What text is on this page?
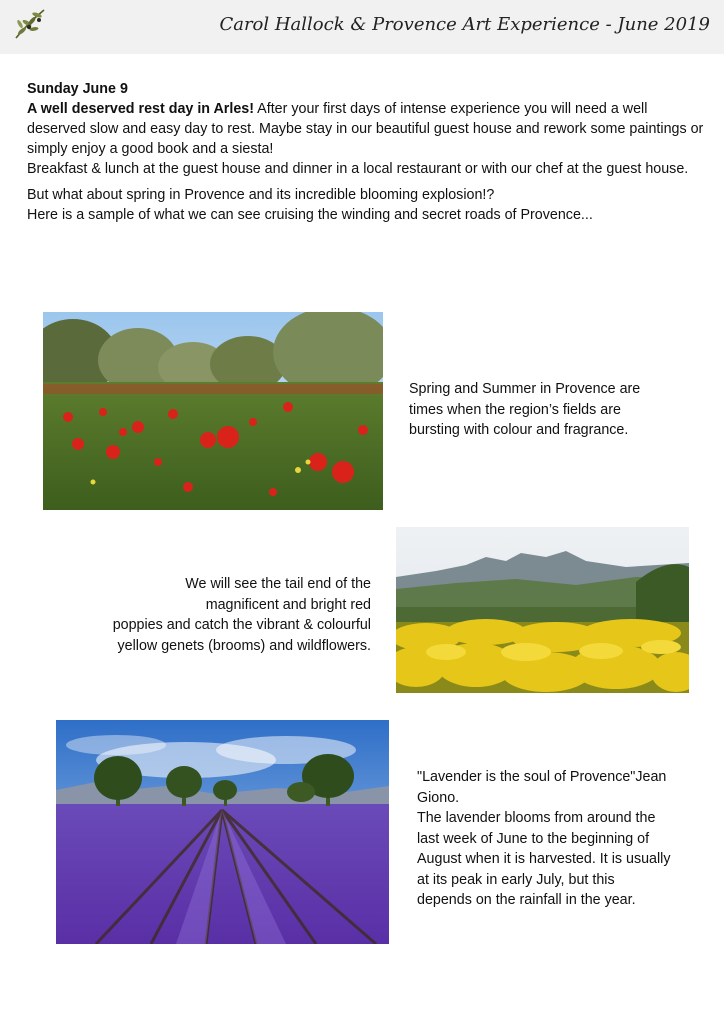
Carol Hallock & Provence Art Experience - June 2019

Sunday June 9

A well deserved rest day in Arles! After your first days of intense experience you will need a well deserved slow and easy day to rest. Maybe stay in our beautiful guest house and rework some paintings or simply enjoy a good book and a siesta!

Breakfast & lunch at the guest house and dinner in a local restaurant or with our chef at the guest house.

But what about spring in Provence and its incredible blooming explosion!?

Here is a sample of what we can see cruising the winding and secret roads of Provence...

Spring and Summer in Provence are

times when the region’s fields are

bursting with colour and fragrance.

We will see the tail end of the

magnificent and bright red

poppies and catch the vibrant & colourful

yellow genets (brooms) and wildflowers.

"Lavender is the soul of Provence"Jean

Giono.

The lavender blooms from around the

last week of June to the beginning of

August when it is harvested. It is usually

at its peak in early July, but this

depends on the rainfall in the year.
